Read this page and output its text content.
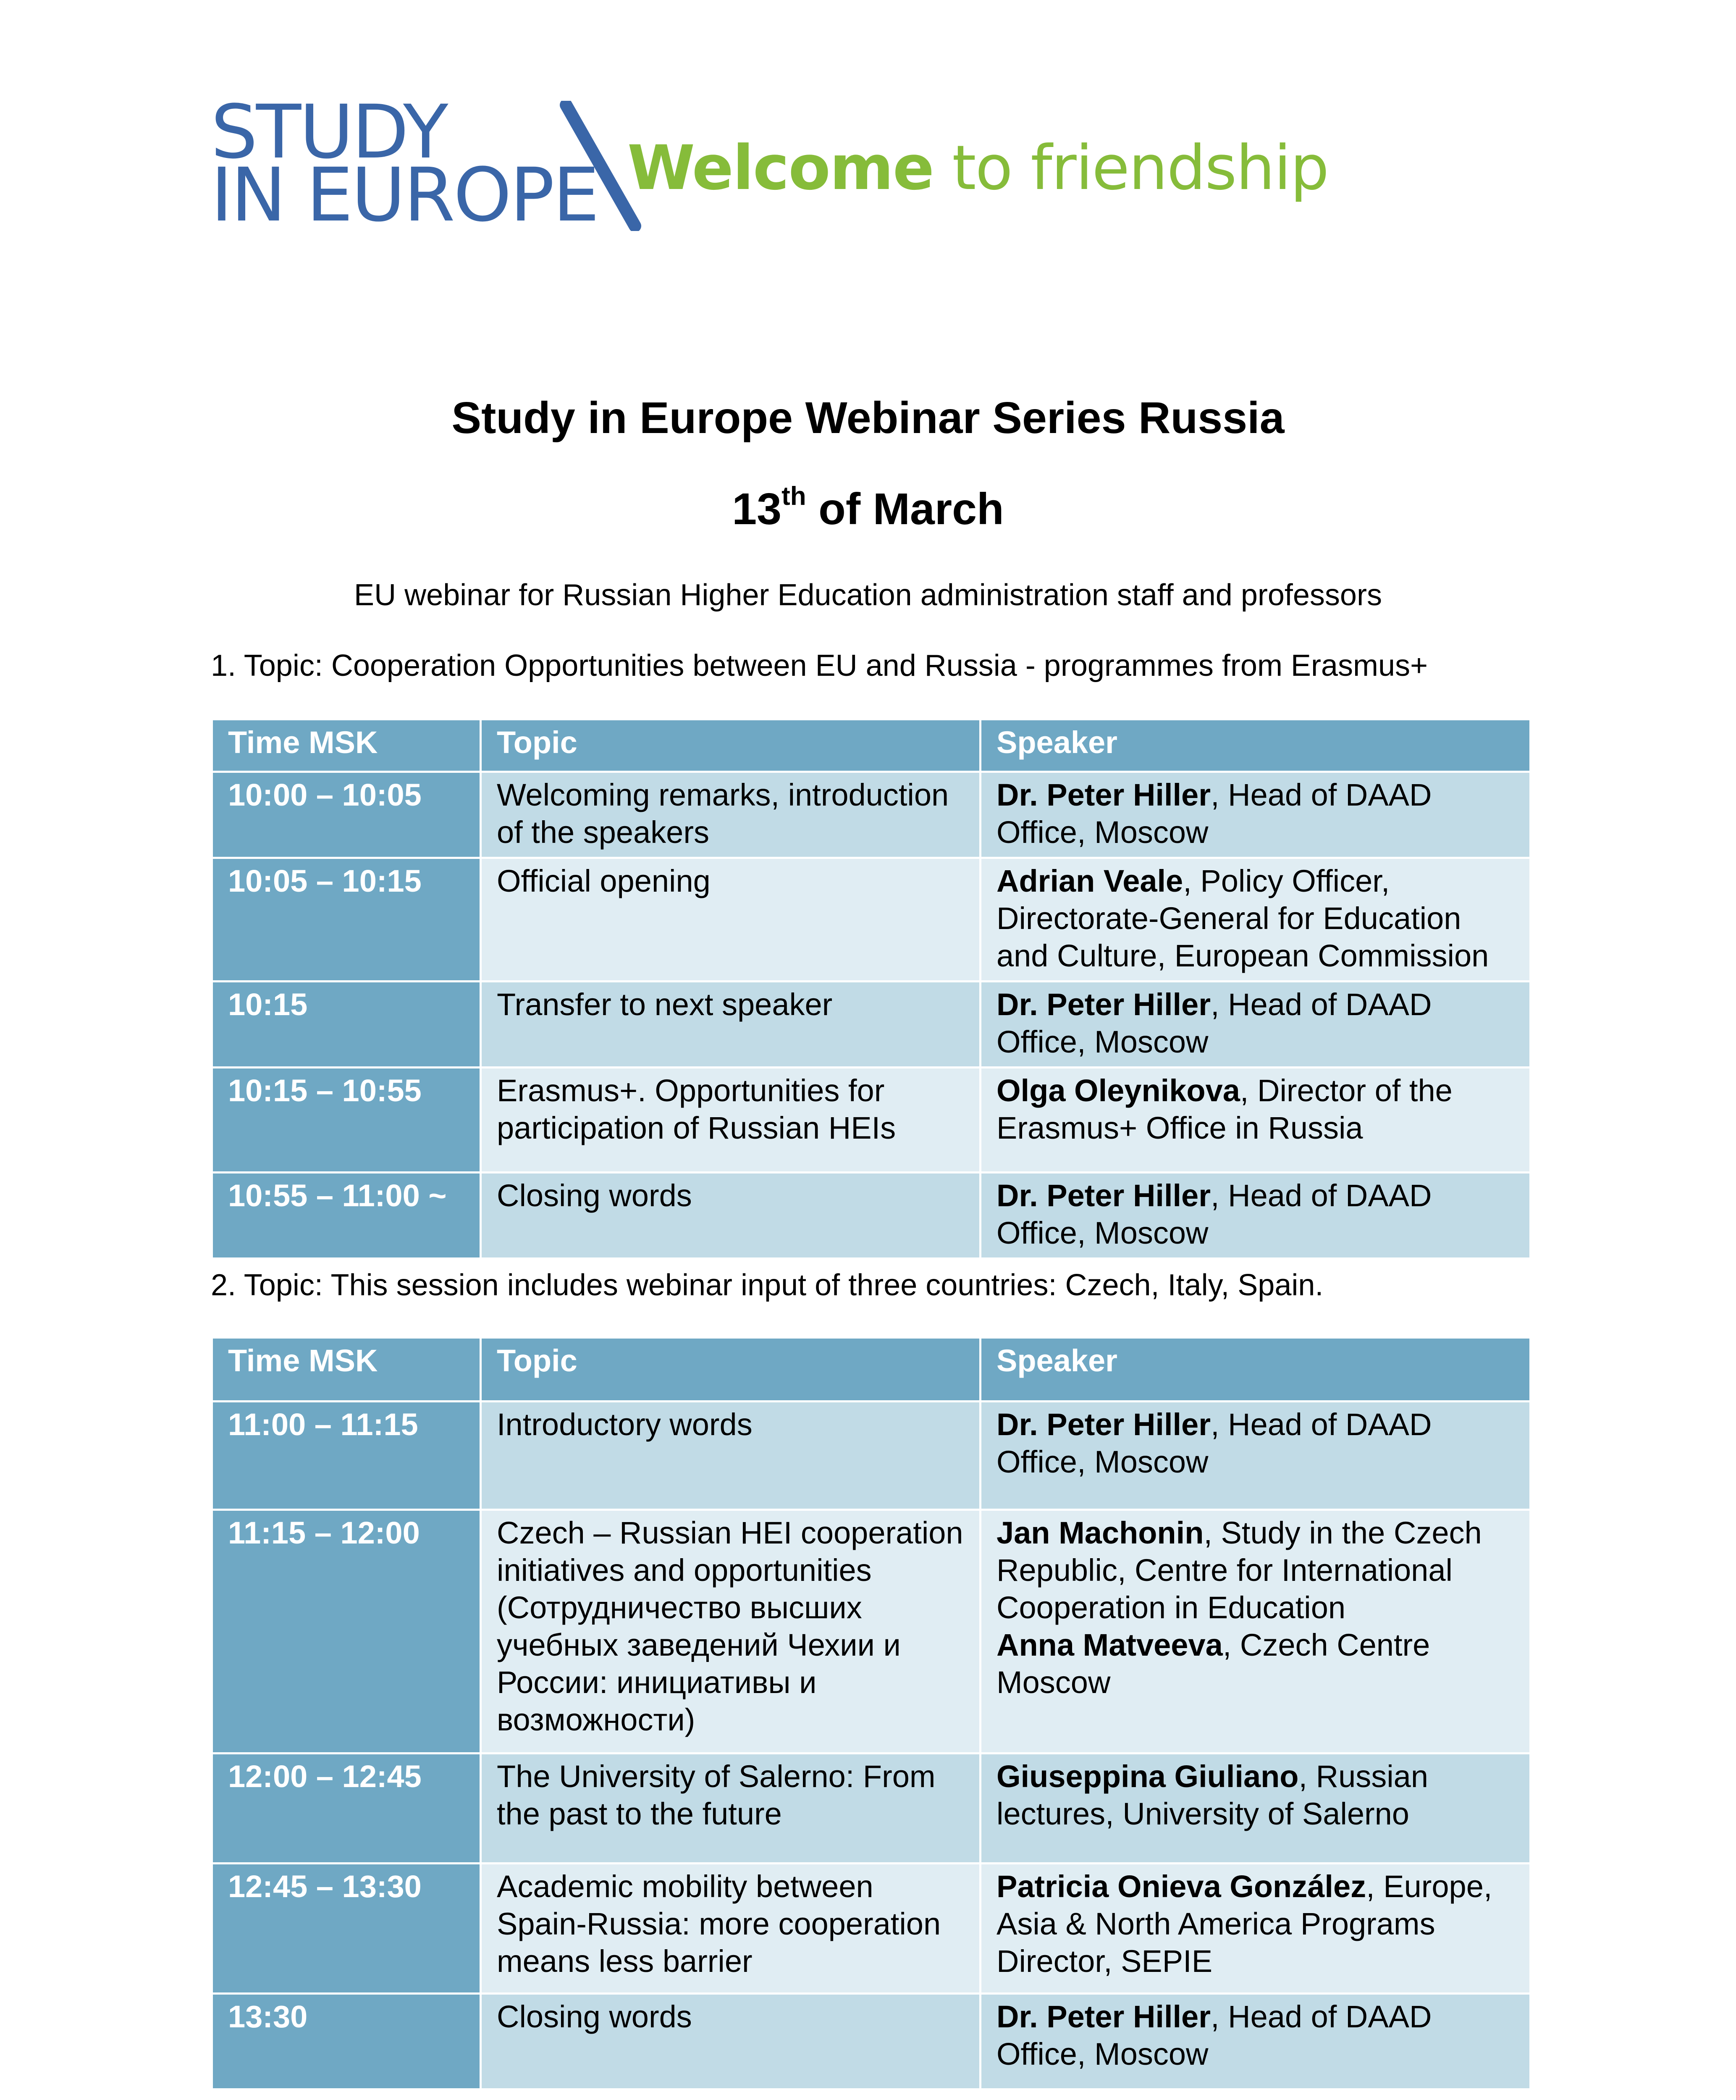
STUDY
IN EUROPE Welcome to friendship
Study in Europe Webinar Series Russia
13th of March
EU webinar for Russian Higher Education administration staff and professors
1. Topic: Cooperation Opportunities between EU and Russia - programmes from Erasmus+
Time MSK	Topic	Speaker
10:00 – 10:05	Welcoming remarks, introduction of the speakers	Dr. Peter Hiller, Head of DAAD Office, Moscow
10:05 – 10:15	Official opening	Adrian Veale, Policy Officer, Directorate-General for Education and Culture, European Commission
10:15	Transfer to next speaker	Dr. Peter Hiller, Head of DAAD Office, Moscow
10:15 – 10:55	Erasmus+. Opportunities for participation of Russian HEIs	Olga Oleynikova, Director of the Erasmus+ Office in Russia
10:55 – 11:00 ~	Closing words	Dr. Peter Hiller, Head of DAAD Office, Moscow
2. Topic: This session includes webinar input of three countries: Czech, Italy, Spain.
Time MSK	Topic	Speaker
11:00 – 11:15	Introductory words	Dr. Peter Hiller, Head of DAAD Office, Moscow
11:15 – 12:00	Czech – Russian HEI cooperation initiatives and opportunities (Сотрудничество высших учебных заведений Чехии и России: инициативы и возможности)	Jan Machonin, Study in the Czech Republic, Centre for International Cooperation in Education
Anna Matveeva, Czech Centre Moscow

12:00 – 12:45	The University of Salerno: From the past to the future	Giuseppina Giuliano, Russian lectures, University of Salerno
12:45 – 13:30	Academic mobility between Spain-Russia: more cooperation means less barrier	Patricia Onieva González, Europe, Asia & North America Programs Director, SEPIE
13:30	Closing words	Dr. Peter Hiller, Head of DAAD Office, Moscow
